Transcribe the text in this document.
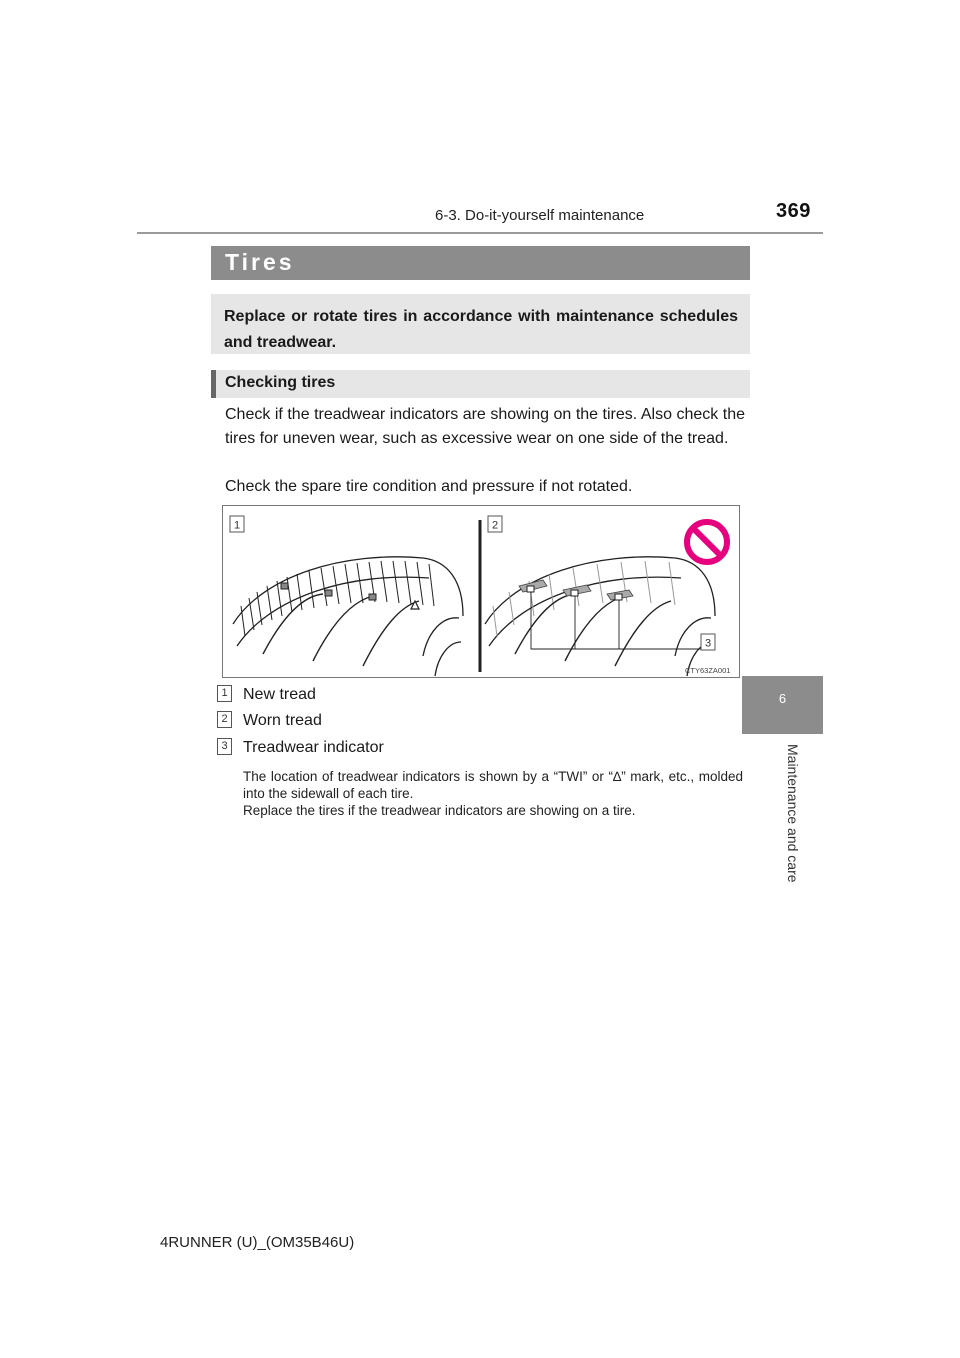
6-3. Do-it-yourself maintenance	369
6
Maintenance and care
Tires
Replace or rotate tires in accordance with maintenance schedules and treadwear.
Checking tires
Check if the treadwear indicators are showing on the tires. Also check the tires for uneven wear, such as excessive wear on one side of the tread.
Check the spare tire condition and pressure if not rotated.
1	2
3
CTY63ZA001
1 New tread
2 Worn tread
3 Treadwear indicator
The location of treadwear indicators is shown by a “TWI” or “∆” mark, etc., molded into the sidewall of each tire.
Replace the tires if the treadwear indicators are showing on a tire.
4RUNNER (U)_(OM35B46U)
